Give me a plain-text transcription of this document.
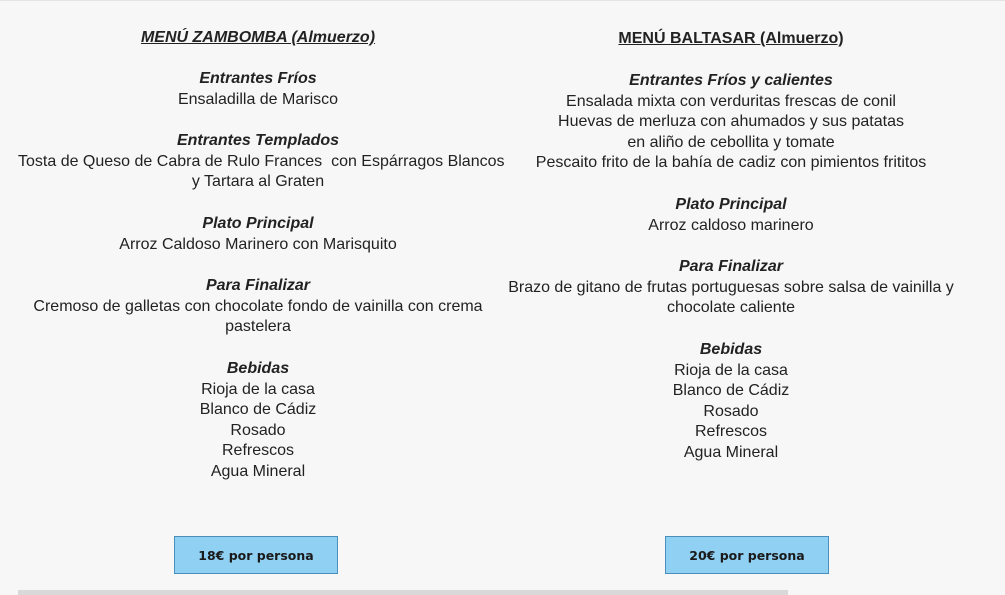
MENÚ ZAMBOMBA (Almuerzo)
Entrantes Fríos
Ensaladilla de Marisco
Entrantes Templados
Tosta de Queso de Cabra de Rulo Frances  con Espárragos Blancos
y Tartara al Graten
Plato Principal
Arroz Caldoso Marinero con Marisquito
Para Finalizar
Cremoso de galletas con chocolate fondo de vainilla con crema
pastelera
Bebidas
Rioja de la casa
Blanco de Cádiz
Rosado
Refrescos
Agua Mineral
MENÚ BALTASAR (Almuerzo)
Entrantes Fríos y calientes
Ensalada mixta con verduritas frescas de conil
Huevas de merluza con ahumados y sus patatas
en aliño de cebollita y tomate
Pescaito frito de la bahía de cadiz con pimientos frititos
Plato Principal
Arroz caldoso marinero
Para Finalizar
Brazo de gitano de frutas portuguesas sobre salsa de vainilla y
chocolate caliente
Bebidas
Rioja de la casa
Blanco de Cádiz
Rosado
Refrescos
Agua Mineral
18€ por persona	20€ por persona
